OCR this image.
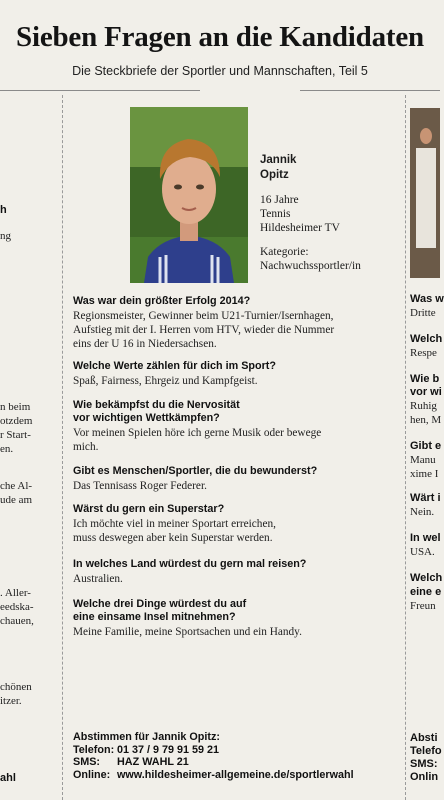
Sieben Fragen an die Kandidaten
Die Steckbriefe der Sportler und Mannschaften, Teil 5
h
ng
n beim
otzdem
r Start-
en.
che Al-
ude am
. Aller-
eedska-
chauen,
chönen
itzer.
ahl
Jannik
Opitz
16 Jahre
Tennis
Hildesheimer TV
Kategorie:
Nachwuchssportler/in
Was war dein größter Erfolg 2014?
Regionsmeister, Gewinner beim U21-Turnier/Isernhagen,
Aufstieg mit der I. Herren vom HTV, wieder die Nummer
eins der U 16 in Niedersachsen.
Welche Werte zählen für dich im Sport?
Spaß, Fairness, Ehrgeiz und Kampfgeist.
Wie bekämpfst du die Nervosität
vor wichtigen Wettkämpfen?
Vor meinen Spielen höre ich gerne Musik oder bewege
mich.
Gibt es Menschen/Sportler, die du bewunderst?
Das Tennisass Roger Federer.
Wärst du gern ein Superstar?
Ich möchte viel in meiner Sportart erreichen,
muss deswegen aber kein Superstar werden.
In welches Land würdest du gern mal reisen?
Australien.
Welche drei Dinge würdest du auf
eine einsame Insel mitnehmen?
Meine Familie, meine Sportsachen und ein Handy.
Abstimmen für Jannik Opitz:
Telefon: 01 37 / 9 79 91 59 21
SMS: HAZ WAHL 21
Online: www.hildesheimer-allgemeine.de/sportlerwahl
Was w
Dritte
Welch
Respe
Wie b
vor wi
Ruhig
hen, M
Gibt e
Manu
xime I
Wärt i
Nein.
In wel
USA.
Welch
eine e
Freun
Absti
Telefo
SMS:
Onlin
